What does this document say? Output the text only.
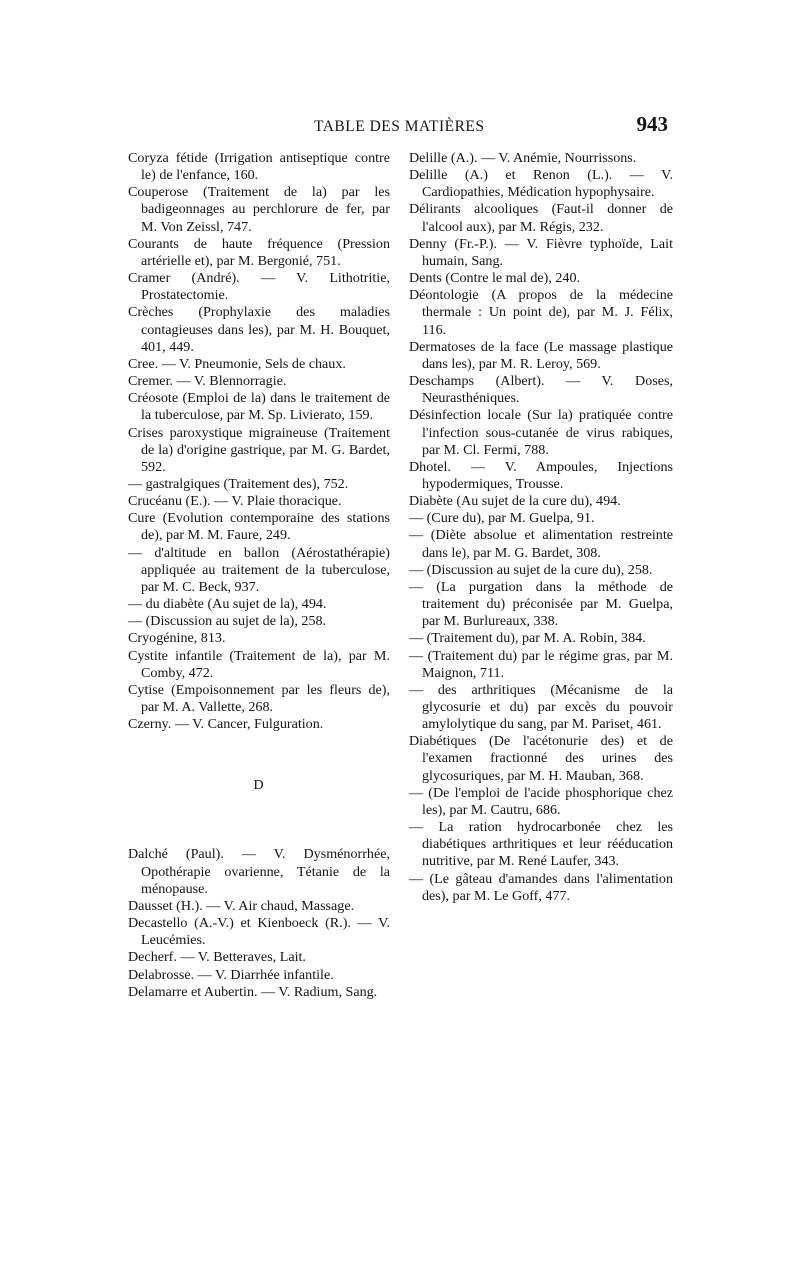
TABLE DES MATIÈRES	943
Coryza fétide (Irrigation antiseptique contre le) de l'enfance, 160.
Couperose (Traitement de la) par les badigeonnages au perchlorure de fer, par M. Von Zeissl, 747.
Courants de haute fréquence (Pression artérielle et), par M. Bergonié, 751.
Cramer (André). — V. Lithotritie, Prostatectomie.
Crèches (Prophylaxie des maladies contagieuses dans les), par M. H. Bouquet, 401, 449.
Cree. — V. Pneumonie, Sels de chaux.
Cremer. — V. Blennorragie.
Créosote (Emploi de la) dans le traitement de la tuberculose, par M. Sp. Livierato, 159.
Crises paroxystique migraineuse (Traitement de la) d'origine gastrique, par M. G. Bardet, 592.
— gastralgiques (Traitement des), 752.
Crucéanu (E.). — V. Plaie thoracique.
Cure (Evolution contemporaine des stations de), par M. M. Faure, 249.
— d'altitude en ballon (Aérostathérapie) appliquée au traitement de la tuberculose, par M. C. Beck, 937.
— du diabète (Au sujet de la), 494.
— (Discussion au sujet de la), 258.
Cryogénine, 813.
Cystite infantile (Traitement de la), par M. Comby, 472.
Cytise (Empoisonnement par les fleurs de), par M. A. Vallette, 268.
Czerny. — V. Cancer, Fulguration.
D
Dalché (Paul). — V. Dysménorrhée, Opothérapie ovarienne, Tétanie de la ménopause.
Dausset (H.). — V. Air chaud, Massage.
Decastello (A.-V.) et Kienboeck (R.). — V. Leucémies.
Decherf. — V. Betteraves, Lait.
Delabrosse. — V. Diarrhée infantile.
Delamarre et Aubertin. — V. Radium, Sang.
Delille (A.). — V. Anémie, Nourrissons.
Delille (A.) et Renon (L.). — V. Cardiopathies, Médication hypophysaire.
Délirants alcooliques (Faut-il donner de l'alcool aux), par M. Régis, 232.
Denny (Fr.-P.). — V. Fièvre typhoïde, Lait humain, Sang.
Dents (Contre le mal de), 240.
Déontologie (A propos de la médecine thermale : Un point de), par M. J. Félix, 116.
Dermatoses de la face (Le massage plastique dans les), par M. R. Leroy, 569.
Deschamps (Albert). — V. Doses, Neurasthéniques.
Désinfection locale (Sur la) pratiquée contre l'infection sous-cutanée de virus rabiques, par M. Cl. Fermi, 788.
Dhotel. — V. Ampoules, Injections hypodermiques, Trousse.
Diabète (Au sujet de la cure du), 494.
— (Cure du), par M. Guelpa, 91.
— (Diète absolue et alimentation restreinte dans le), par M. G. Bardet, 308.
— (Discussion au sujet de la cure du), 258.
— (La purgation dans la méthode de traitement du) préconisée par M. Guelpa, par M. Burlureaux, 338.
— (Traitement du), par M. A. Robin, 384.
— (Traitement du) par le régime gras, par M. Maignon, 711.
— des arthritiques (Mécanisme de la glycosurie et du) par excès du pouvoir amylolytique du sang, par M. Pariset, 461.
Diabétiques (De l'acétonurie des) et de l'examen fractionné des urines des glycosuriques, par M. H. Mauban, 368.
— (De l'emploi de l'acide phosphorique chez les), par M. Cautru, 686.
— La ration hydrocarbonée chez les diabétiques arthritiques et leur rééducation nutritive, par M. René Laufer, 343.
— (Le gâteau d'amandes dans l'alimentation des), par M. Le Goff, 477.
